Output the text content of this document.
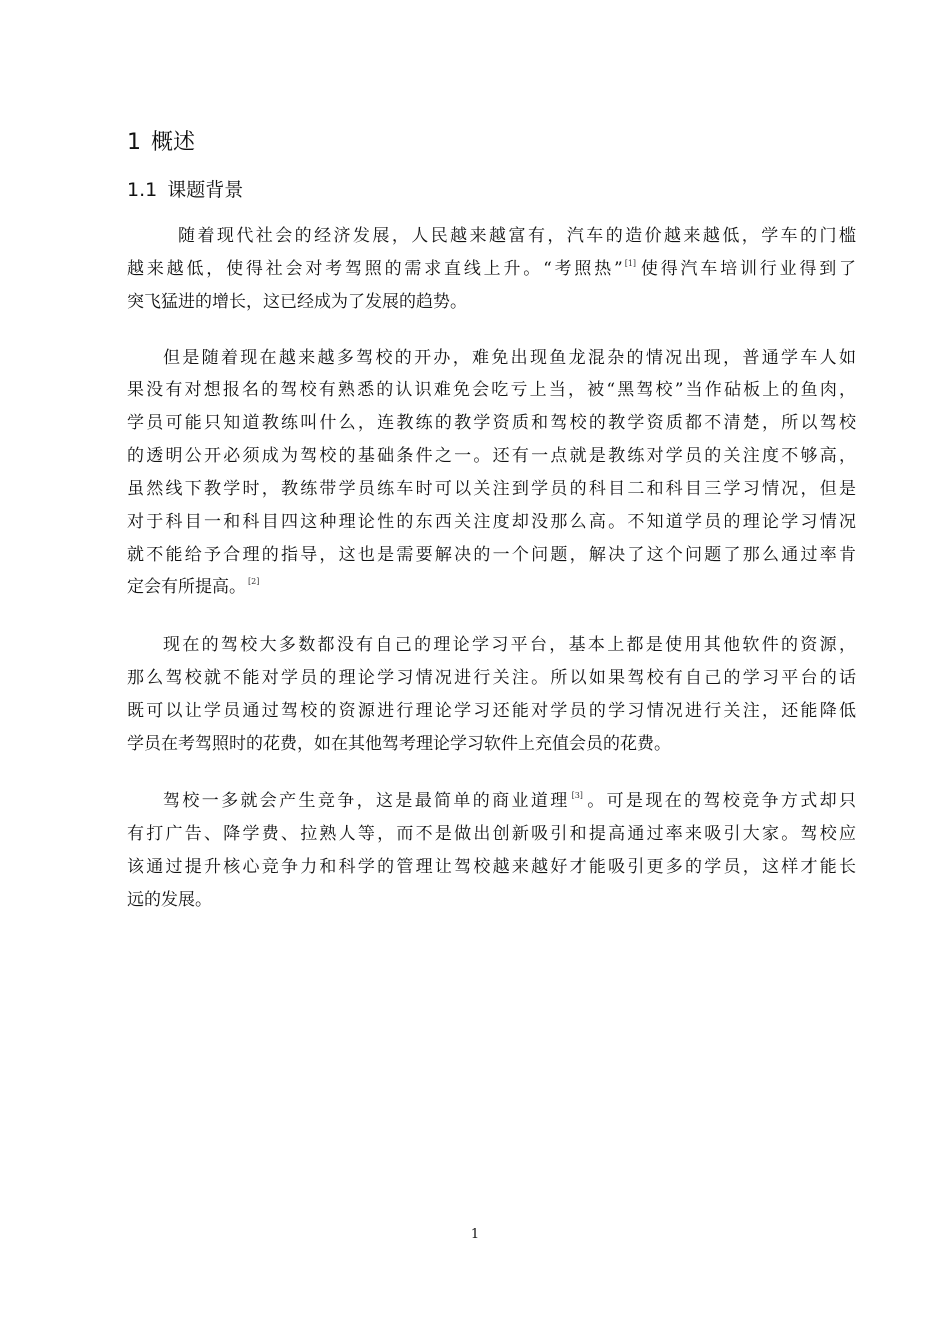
1 概述
1.1 课题背景
随着现代社会的经济发展，人民越来越富有，汽车的造价越来越低，学车的门槛
越来越低，使得社会对考驾照的需求直线上升。“考照热” [1] 使得汽车培训行业得到了
突飞猛进的增长，这已经成为了发展的趋势。
但是随着现在越来越多驾校的开办，难免出现鱼龙混杂的情况出现，普通学车人如
果没有对想报名的驾校有熟悉的认识难免会吃亏上当，被“黑驾校”当作砧板上的鱼肉，
学员可能只知道教练叫什么，连教练的教学资质和驾校的教学资质都不清楚，所以驾校
的透明公开必须成为驾校的基础条件之一。还有一点就是教练对学员的关注度不够高，
虽然线下教学时，教练带学员练车时可以关注到学员的科目二和科目三学习情况，但是
对于科目一和科目四这种理论性的东西关注度却没那么高。不知道学员的理论学习情况
就不能给予合理的指导，这也是需要解决的一个问题，解决了这个问题了那么通过率肯
定会有所提高。 [2]
现在的驾校大多数都没有自己的理论学习平台，基本上都是使用其他软件的资源，
那么驾校就不能对学员的理论学习情况进行关注。所以如果驾校有自己的学习平台的话
既可以让学员通过驾校的资源进行理论学习还能对学员的学习情况进行关注，还能降低
学员在考驾照时的花费，如在其他驾考理论学习软件上充值会员的花费。
驾校一多就会产生竞争，这是最简单的商业道理 [3] 。可是现在的驾校竞争方式却只
有打广告、降学费、拉熟人等，而不是做出创新吸引和提高通过率来吸引大家。驾校应
该通过提升核心竞争力和科学的管理让驾校越来越好才能吸引更多的学员，这样才能长
远的发展。
1
